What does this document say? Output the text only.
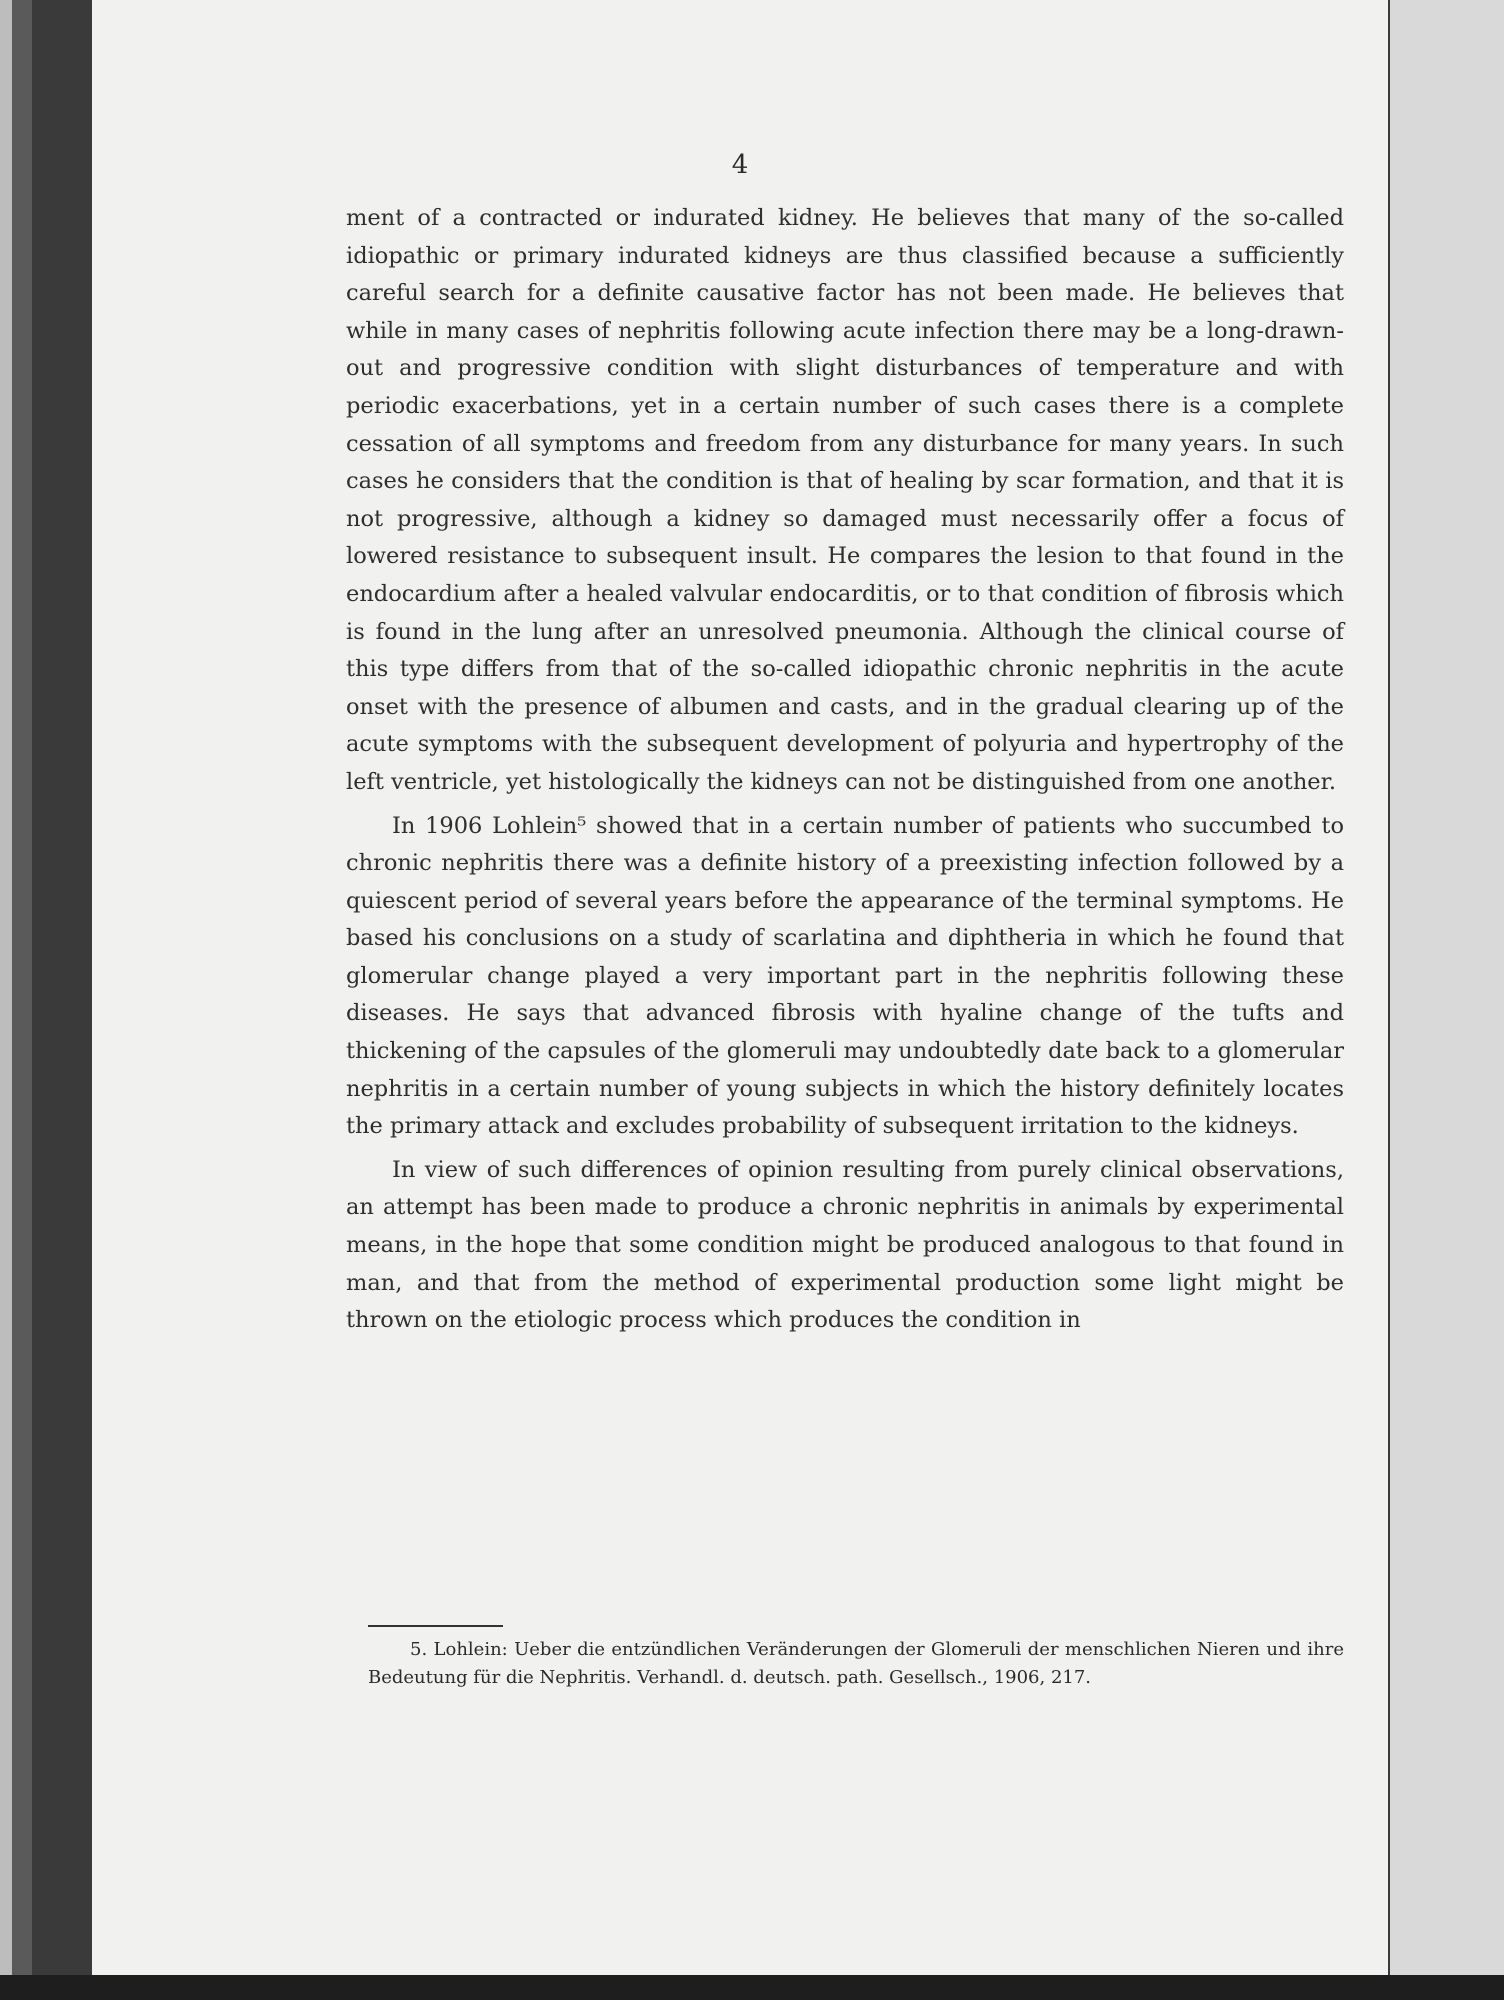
4

ment of a contracted or indurated kidney. He believes that many of the so-called idiopathic or primary indurated kidneys are thus classified because a sufficiently careful search for a definite causative factor has not been made. He believes that while in many cases of nephritis following acute infection there may be a long-drawn-out and progressive condition with slight disturbances of temperature and with periodic exacerbations, yet in a certain number of such cases there is a complete cessation of all symptoms and freedom from any disturbance for many years. In such cases he considers that the condition is that of healing by scar formation, and that it is not progressive, although a kidney so damaged must necessarily offer a focus of lowered resistance to subsequent insult. He compares the lesion to that found in the endocardium after a healed valvular endocarditis, or to that condition of fibrosis which is found in the lung after an unresolved pneumonia. Although the clinical course of this type differs from that of the so-called idiopathic chronic nephritis in the acute onset with the presence of albumen and casts, and in the gradual clearing up of the acute symptoms with the subsequent development of polyuria and hypertrophy of the left ventricle, yet histologically the kidneys can not be distinguished from one another.

In 1906 Lohlein⁵ showed that in a certain number of patients who succumbed to chronic nephritis there was a definite history of a preexisting infection followed by a quiescent period of several years before the appearance of the terminal symptoms. He based his conclusions on a study of scarlatina and diphtheria in which he found that glomerular change played a very important part in the nephritis following these diseases. He says that advanced fibrosis with hyaline change of the tufts and thickening of the capsules of the glomeruli may undoubtedly date back to a glomerular nephritis in a certain number of young subjects in which the history definitely locates the primary attack and excludes probability of subsequent irritation to the kidneys.

In view of such differences of opinion resulting from purely clinical observations, an attempt has been made to produce a chronic nephritis in animals by experimental means, in the hope that some condition might be produced analogous to that found in man, and that from the method of experimental production some light might be thrown on the etiologic process which produces the condition in

5. Lohlein: Ueber die entzündlichen Veränderungen der Glomeruli der menschlichen Nieren und ihre Bedeutung für die Nephritis. Verhandl. d. deutsch. path. Gesellsch., 1906, 217.
